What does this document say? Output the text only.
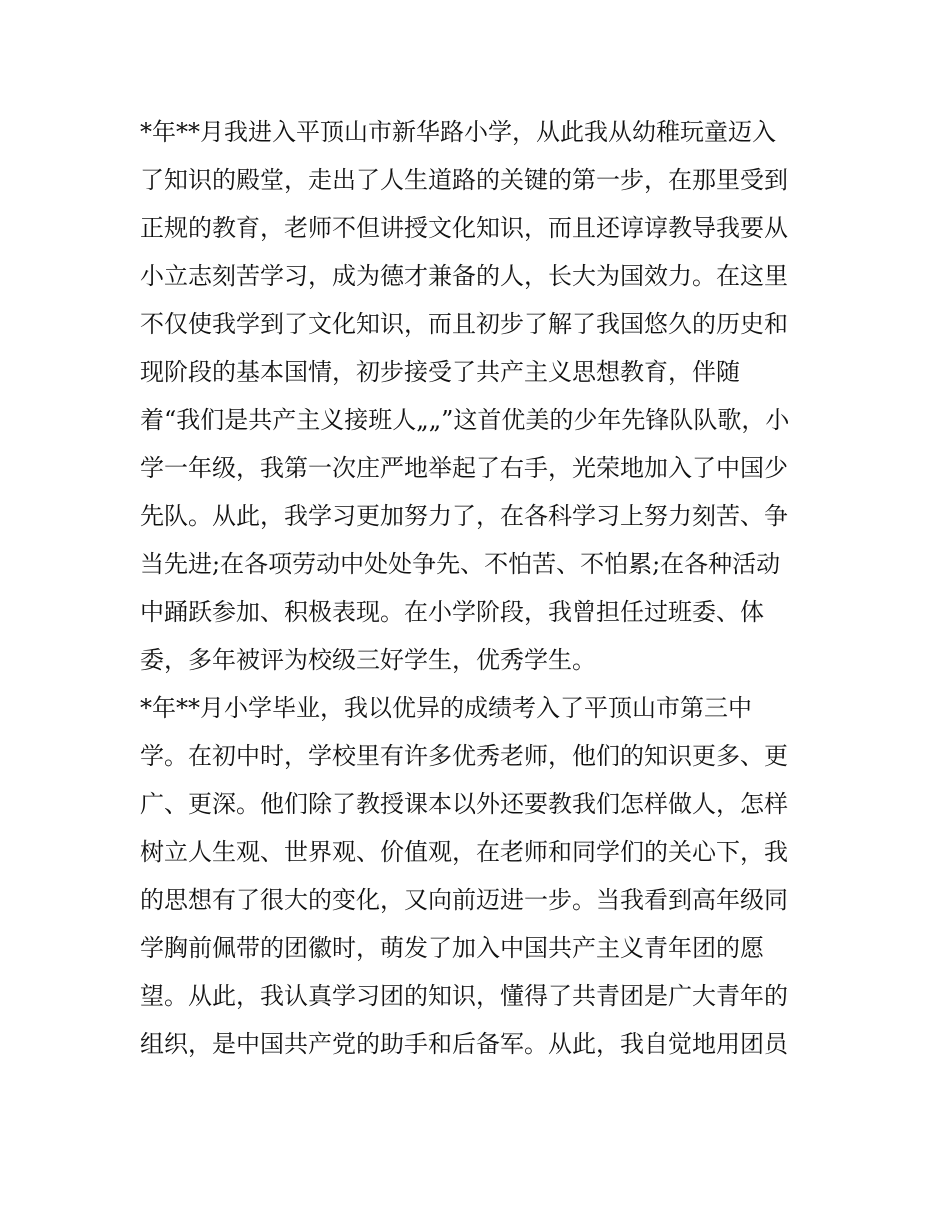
*年**月我进入平顶山市新华路小学，从此我从幼稚玩童迈入
了知识的殿堂，走出了人生道路的关键的第一步，在那里受到
正规的教育，老师不但讲授文化知识，而且还谆谆教导我要从
小立志刻苦学习，成为德才兼备的人，长大为国效力。在这里
不仅使我学到了文化知识，而且初步了解了我国悠久的历史和
现阶段的基本国情，初步接受了共产主义思想教育，伴随
着“我们是共产主义接班人„„”这首优美的少年先锋队队歌，小
学一年级，我第一次庄严地举起了右手，光荣地加入了中国少
先队。从此，我学习更加努力了，在各科学习上努力刻苦、争
当先进;在各项劳动中处处争先、不怕苦、不怕累;在各种活动
中踊跃参加、积极表现。在小学阶段，我曾担任过班委、体
委，多年被评为校级三好学生，优秀学生。
*年**月小学毕业，我以优异的成绩考入了平顶山市第三中
学。在初中时，学校里有许多优秀老师，他们的知识更多、更
广、更深。他们除了教授课本以外还要教我们怎样做人，怎样
树立人生观、世界观、价值观，在老师和同学们的关心下，我
的思想有了很大的变化，又向前迈进一步。当我看到高年级同
学胸前佩带的团徽时，萌发了加入中国共产主义青年团的愿
望。从此，我认真学习团的知识，懂得了共青团是广大青年的
组织，是中国共产党的助手和后备军。从此，我自觉地用团员
